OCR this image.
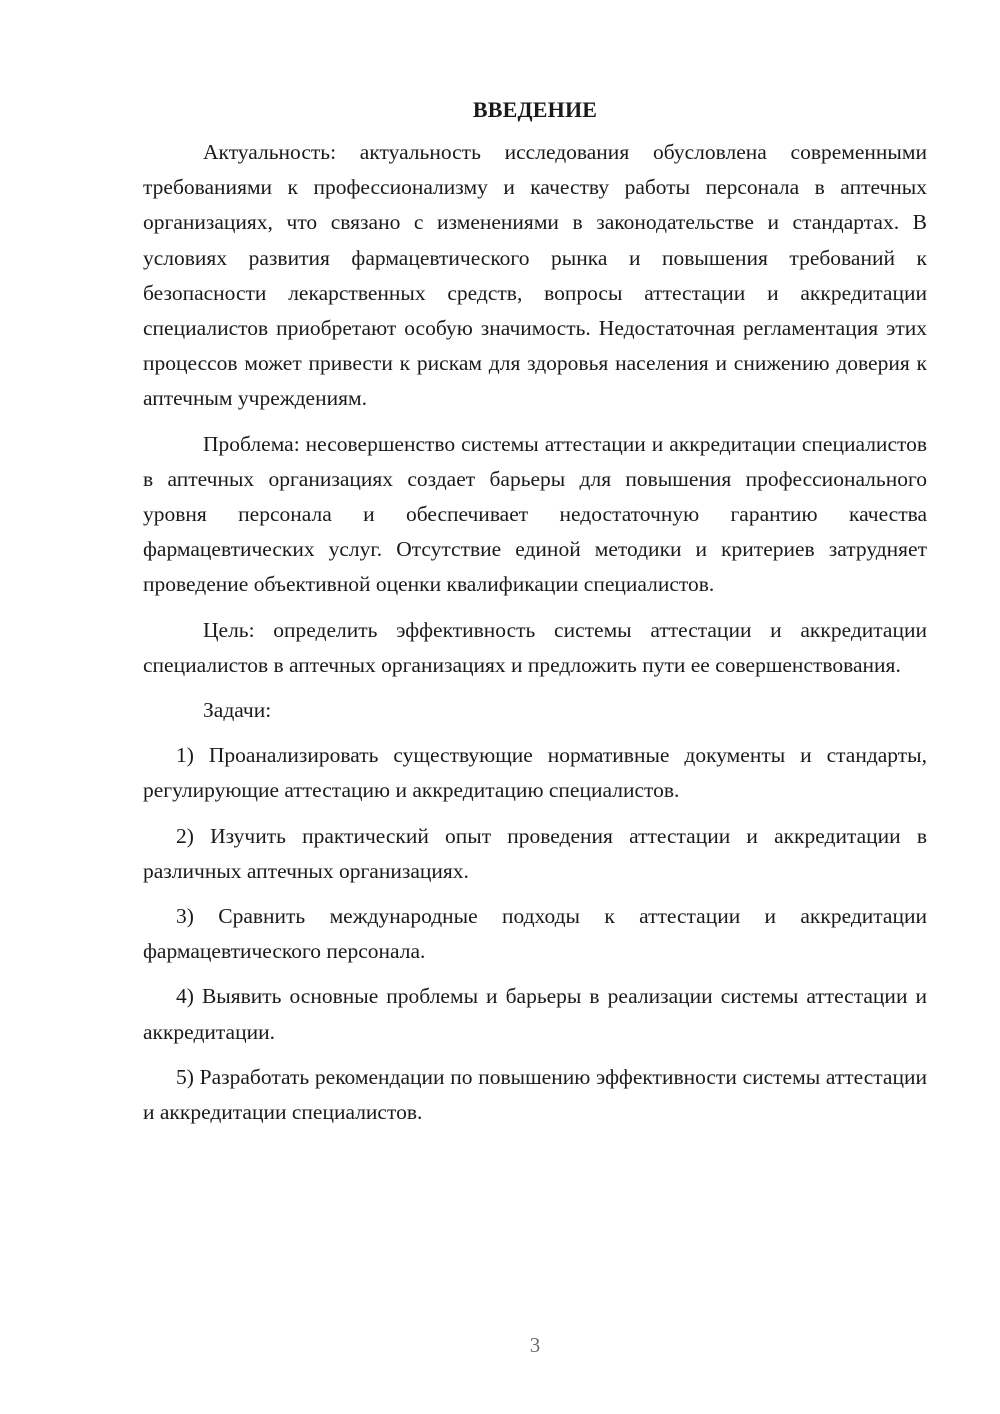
ВВЕДЕНИЕ

Актуальность: актуальность исследования обусловлена современными требованиями к профессионализму и качеству работы персонала в аптечных организациях, что связано с изменениями в законодательстве и стандартах. В условиях развития фармацевтического рынка и повышения требований к безопасности лекарственных средств, вопросы аттестации и аккредитации специалистов приобретают особую значимость. Недостаточная регламентация этих процессов может привести к рискам для здоровья населения и снижению доверия к аптечным учреждениям.

Проблема: несовершенство системы аттестации и аккредитации специалистов в аптечных организациях создает барьеры для повышения профессионального уровня персонала и обеспечивает недостаточную гарантию качества фармацевтических услуг. Отсутствие единой методики и критериев затрудняет проведение объективной оценки квалификации специалистов.

Цель: определить эффективность системы аттестации и аккредитации специалистов в аптечных организациях и предложить пути ее совершенствования.

Задачи:

1) Проанализировать существующие нормативные документы и стандарты, регулирующие аттестацию и аккредитацию специалистов.

2) Изучить практический опыт проведения аттестации и аккредитации в различных аптечных организациях.

3) Сравнить международные подходы к аттестации и аккредитации фармацевтического персонала.

4) Выявить основные проблемы и барьеры в реализации системы аттестации и аккредитации.

5) Разработать рекомендации по повышению эффективности системы аттестации и аккредитации специалистов.

3
